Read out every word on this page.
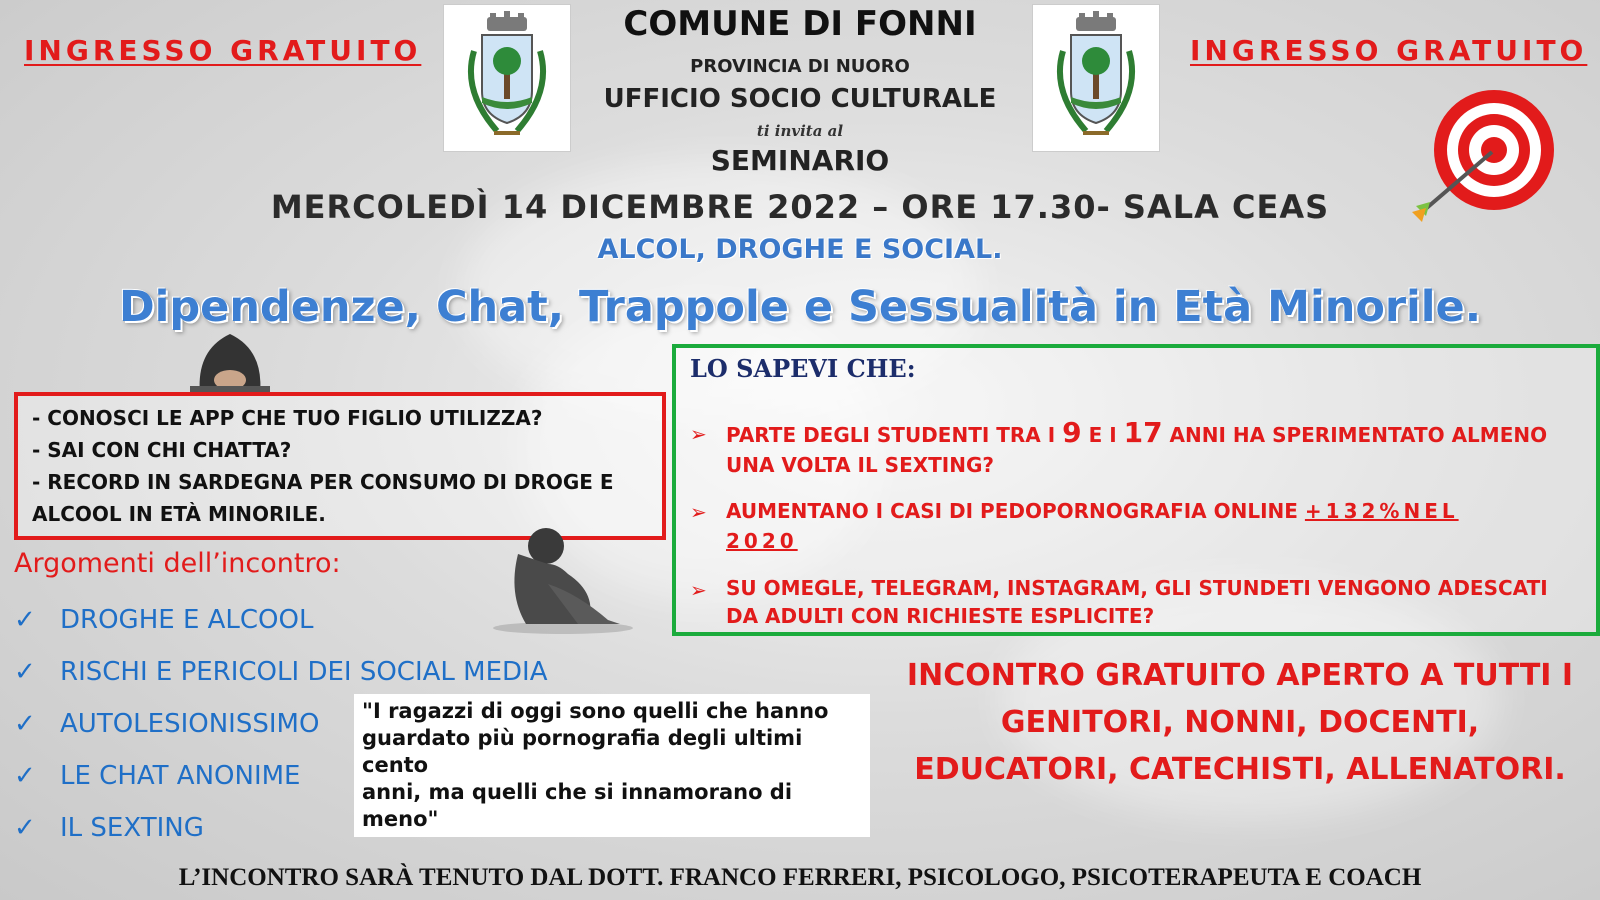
INGRESSO GRATUITO	INGRESSO GRATUITO
COMUNE DI FONNI
PROVINCIA DI NUORO
UFFICIO SOCIO CULTURALE
ti invita al
SEMINARIO
MERCOLEDÌ 14 DICEMBRE 2022 – ORE 17.30- SALA CEAS
ALCOL, DROGHE E SOCIAL.
Dipendenze, Chat, Trappole e Sessualità in Età Minorile.

- CONOSCI LE APP CHE TUO FIGLIO UTILIZZA?

- SAI CON CHI CHATTA?

- RECORD IN SARDEGNA PER CONSUMO DI DROGE E

ALCOOL IN ETÀ MINORILE.

Argomenti dell’incontro:
✓ DROGHE E ALCOOL
✓ RISCHI E PERICOLI DEI SOCIAL MEDIA
✓ AUTOLESIONISSIMO
✓ LE CHAT ANONIME
✓ IL SEXTING
"I ragazzi di oggi sono quelli che hanno
guardato più pornografia degli ultimi cento
anni, ma quelli che si innamorano di meno"
LO SAPEVI CHE:
➢ PARTE DEGLI STUDENTI TRA I 9 E I 17 ANNI HA SPERIMENTATO ALMENO
UNA VOLTA IL SEXTING?
➢ AUMENTANO I CASI DI PEDOPORNOGRAFIA ONLINE +132%NEL
2020
➢ SU OMEGLE, TELEGRAM, INSTAGRAM, GLI STUNDETI VENGONO ADESCATI
DA ADULTI CON RICHIESTE ESPLICITE?
INCONTRO GRATUITO APERTO A TUTTI I
GENITORI, NONNI, DOCENTI,
EDUCATORI, CATECHISTI, ALLENATORI.
L’INCONTRO SARÀ TENUTO DAL DOTT. FRANCO FERRERI, PSICOLOGO, PSICOTERAPEUTA E COACH
